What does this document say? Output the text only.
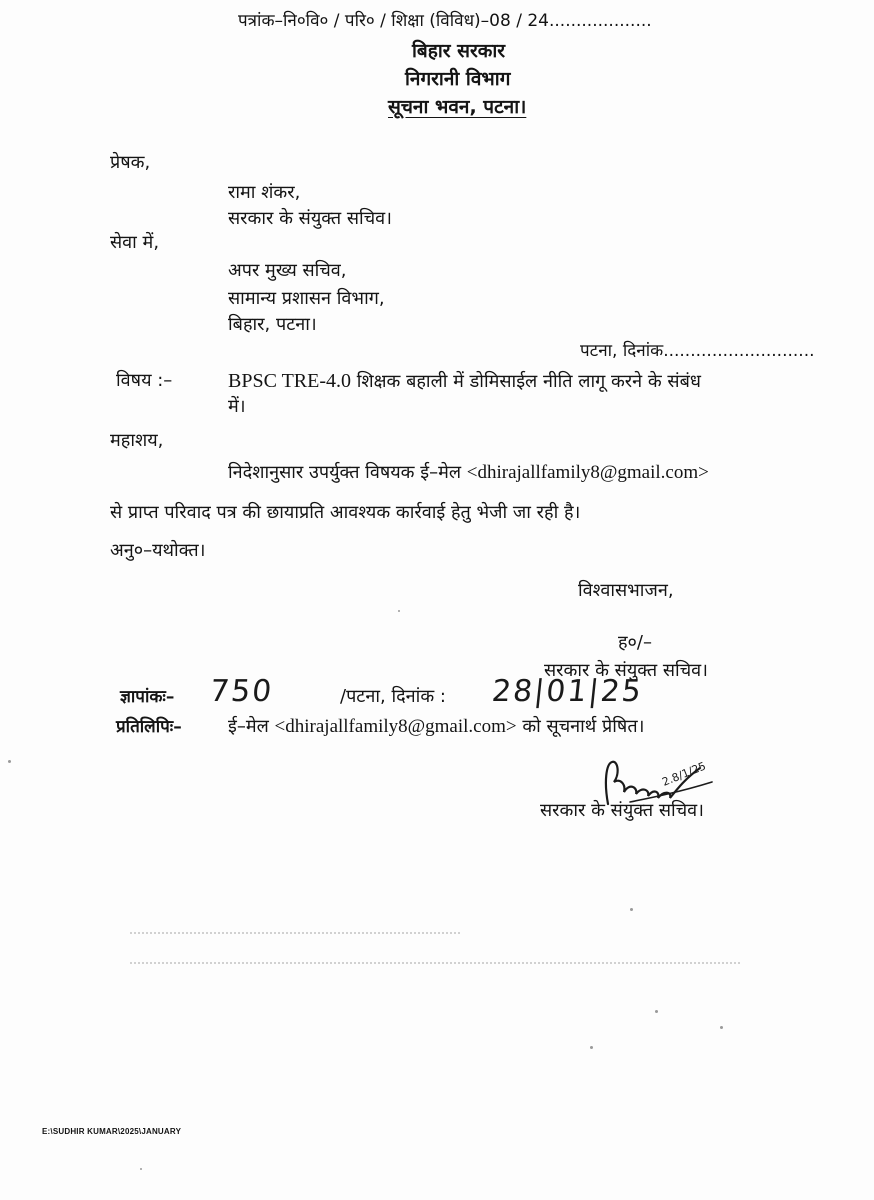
पत्रांक–नि०वि० / परि० / शिक्षा (विविध)–08 / 24...................
बिहार सरकार
निगरानी विभाग
सूचना भवन, पटना।
प्रेषक,
रामा शंकर,
सरकार के संयुक्त सचिव।
सेवा में,
अपर मुख्य सचिव,
सामान्य प्रशासन विभाग,
बिहार, पटना।
पटना, दिनांक............................
विषय :–	BPSC TRE-4.0 शिक्षक बहाली में डोमिसाईल नीति लागू करने के संबंध
में।
महाशय,
निदेशानुसार उपर्युक्त विषयक ई–मेल <dhirajallfamily8@gmail.com>
से प्राप्त परिवाद पत्र की छायाप्रति आवश्यक कार्रवाई हेतु भेजी जा रही है।
अनु०–यथोक्त।
विश्वासभाजन,
ह०/–
सरकार के संयुक्त सचिव।
ज्ञापांकः– 750	/पटना, दिनांक : 28|01|25
प्रतिलिपिः–	ई–मेल <dhirajallfamily8@gmail.com> को सूचनार्थ प्रेषित।
2.8/1/25
सरकार के संयुक्त सचिव।
E:\SUDHIR KUMAR\2025\JANUARY
